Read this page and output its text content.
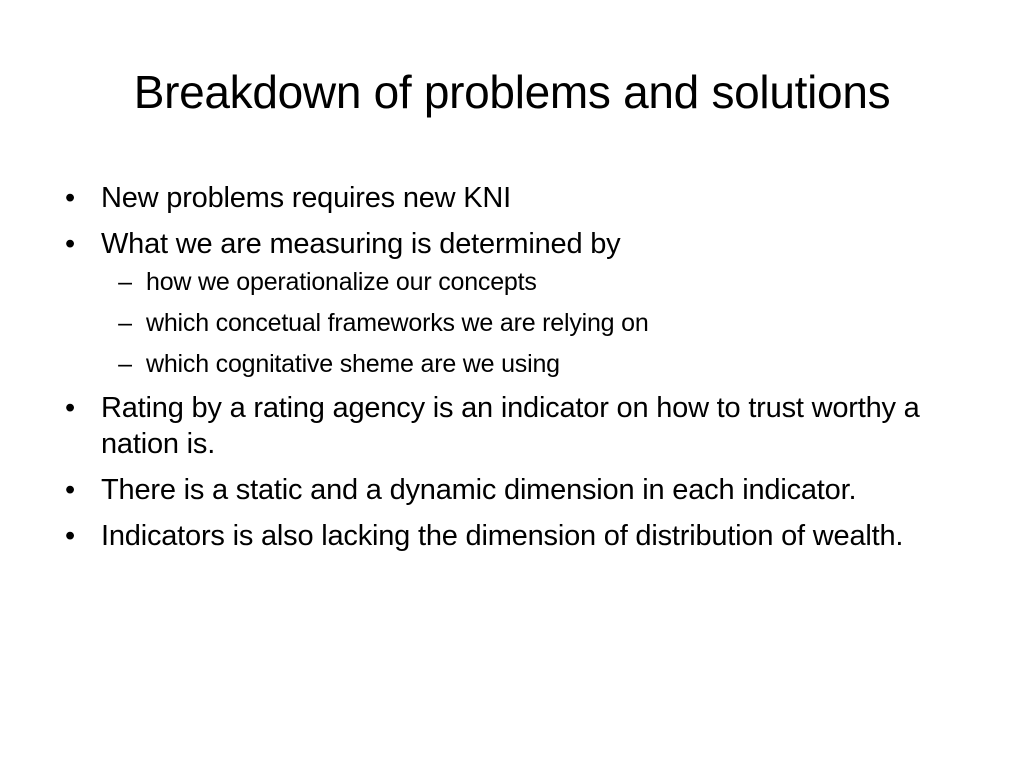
Breakdown of problems and solutions
• New problems requires new KNI
• What we are measuring is determined by
– how we operationalize our concepts
– which concetual frameworks we are relying on
– which cognitative sheme are we using
• Rating by a rating agency is an indicator on how to trust worthy a nation is.
• There is a static and a dynamic dimension in each indicator.
• Indicators is also lacking the dimension of distribution of wealth.
